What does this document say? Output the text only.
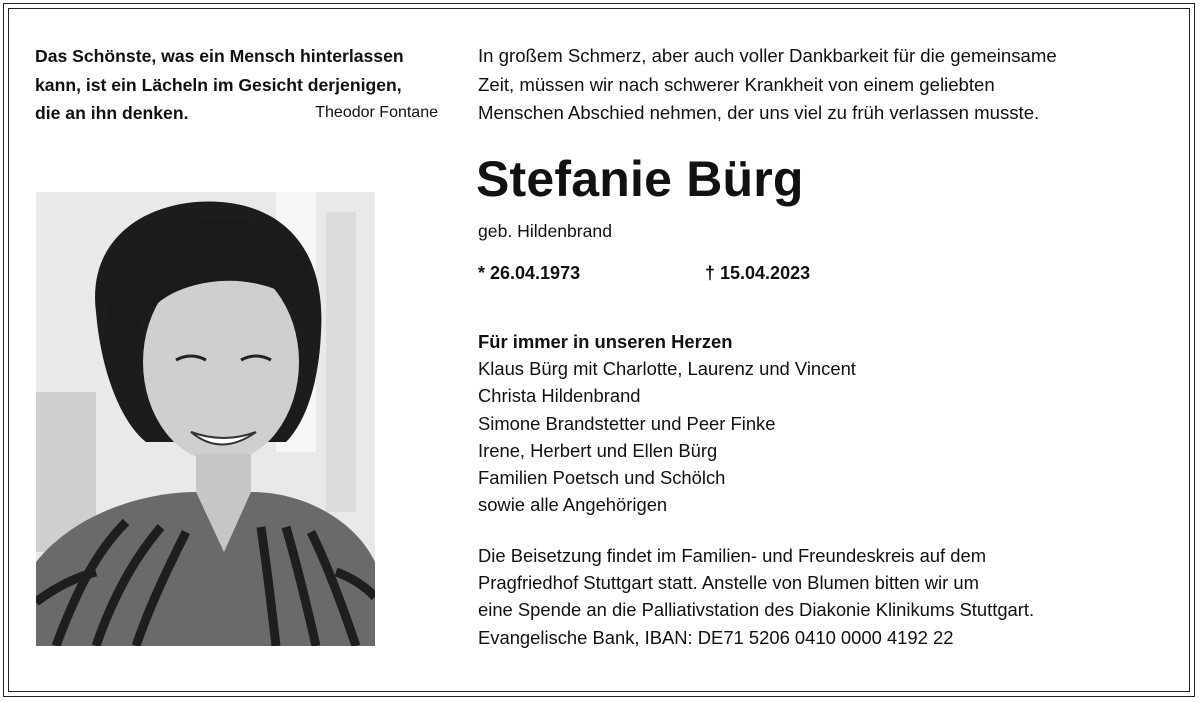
Das Schönste, was ein Mensch hinterlassen
kann, ist ein Lächeln im Gesicht derjenigen,
die an ihn denken.	Theodor Fontane
In großem Schmerz, aber auch voller Dankbarkeit für die gemeinsame
Zeit, müssen wir nach schwerer Krankheit von einem geliebten
Menschen Abschied nehmen, der uns viel zu früh verlassen musste.
Stefanie Bürg
geb. Hildenbrand
* 26.04.1973	† 15.04.2023
Für immer in unseren Herzen
Klaus Bürg mit Charlotte, Laurenz und Vincent
Christa Hildenbrand
Simone Brandstetter und Peer Finke
Irene, Herbert und Ellen Bürg
Familien Poetsch und Schölch
sowie alle Angehörigen
Die Beisetzung findet im Familien- und Freundeskreis auf dem
Pragfriedhof Stuttgart statt. Anstelle von Blumen bitten wir um
eine Spende an die Palliativstation des Diakonie Klinikums Stuttgart.
Evangelische Bank, IBAN: DE71 5206 0410 0000 4192 22
